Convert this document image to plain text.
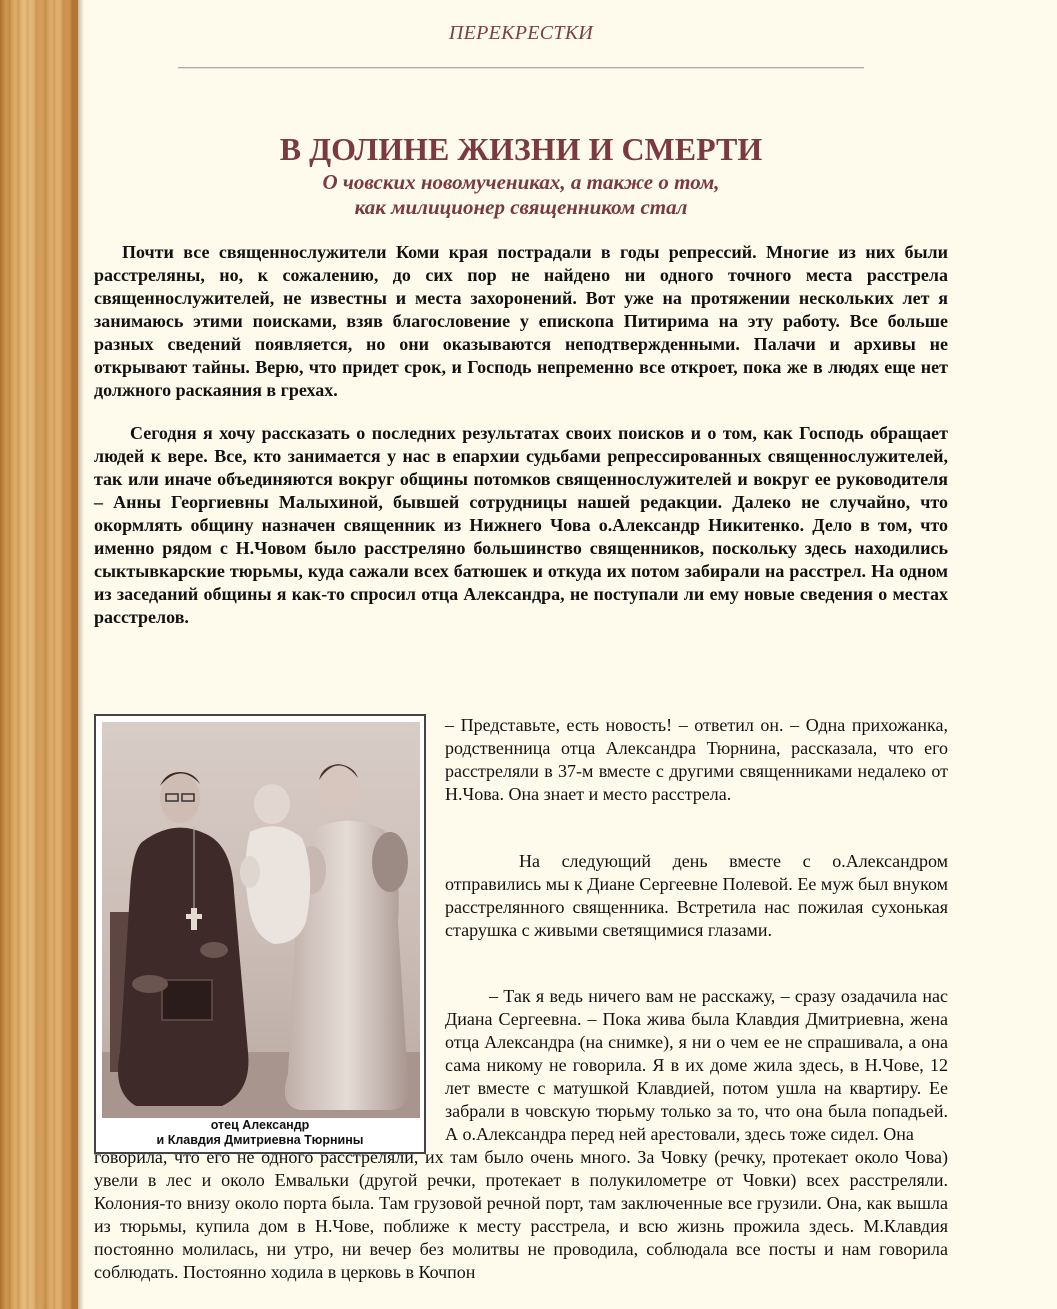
ПЕРЕКРЕСТКИ
В ДОЛИНЕ ЖИЗНИ И СМЕРТИ
О човских новомучениках, а также о том,
как милиционер священником стал

Почти все священнослужители Коми края пострадали в годы репрессий. Многие из них были расстреляны, но, к сожалению, до сих пор не найдено ни одного точного места расстрела священнослужителей, не известны и места захоронений. Вот уже на протяжении нескольких лет я занимаюсь этими поисками, взяв благословение у епископа Питирима на эту работу. Все больше разных сведений появляется, но они оказываются неподтвержденными. Палачи и архивы не открывают тайны. Верю, что придет срок, и Господь непременно все откроет, пока же в людях еще нет должного раскаяния в грехах.

Сегодня я хочу рассказать о последних результатах своих поисков и о том, как Господь обращает людей к вере. Все, кто занимается у нас в епархии судьбами репрессированных священнослужителей, так или иначе объединяются вокруг общины потомков священнослужителей и вокруг ее руководителя – Анны Георгиевны Малыхиной, бывшей сотрудницы нашей редакции. Далеко не случайно, что окормлять общину назначен священник из Нижнего Чова о.Александр Никитенко. Дело в том, что именно рядом с Н.Човом было расстреляно большинство священников, поскольку здесь находились сыктывкарские тюрьмы, куда сажали всех батюшек и откуда их потом забирали на расстрел. На одном из заседаний общины я как-то спросил отца Александра, не поступали ли ему новые сведения о местах расстрелов.

отец Александр
и Клавдия Дмитриевна Тюрнины

– Представьте, есть новость! – ответил он. – Одна прихожанка, родственница отца Александра Тюрнина, рассказала, что его расстреляли в 37-м вместе с другими священниками недалеко от Н.Чова. Она знает и место расстрела.

На следующий день вместе с о.Александром отправились мы к Диане Сергеевне Полевой. Ее муж был внуком расстрелянного священника. Встретила нас пожилая сухонькая старушка с живыми светящимися глазами.

– Так я ведь ничего вам не расскажу, – сразу озадачила нас Диана Сергеевна. – Пока жива была Клавдия Дмитриевна, жена отца Александра (на снимке), я ни о чем ее не спрашивала, а она сама никому не говорила. Я в их доме жила здесь, в Н.Чове, 12 лет вместе с матушкой Клавдией, потом ушла на квартиру. Ее забрали в човскую тюрьму только за то, что она была попадьей. А о.Александра перед ней арестовали, здесь тоже сидел. Она

говорила, что его не одного расстреляли, их там было очень много. За Човку (речку, протекает около Чова) увели в лес и около Емвальки (другой речки, протекает в полукилометре от Човки) всех расстреляли. Колония-то внизу около порта была. Там грузовой речной порт, там заключенные все грузили. Она, как вышла из тюрьмы, купила дом в Н.Чове, поближе к месту расстрела, и всю жизнь прожила здесь. М.Клавдия постоянно молилась, ни утро, ни вечер без молитвы не проводила, соблюдала все посты и нам говорила соблюдать. Постоянно ходила в церковь в Кочпон
